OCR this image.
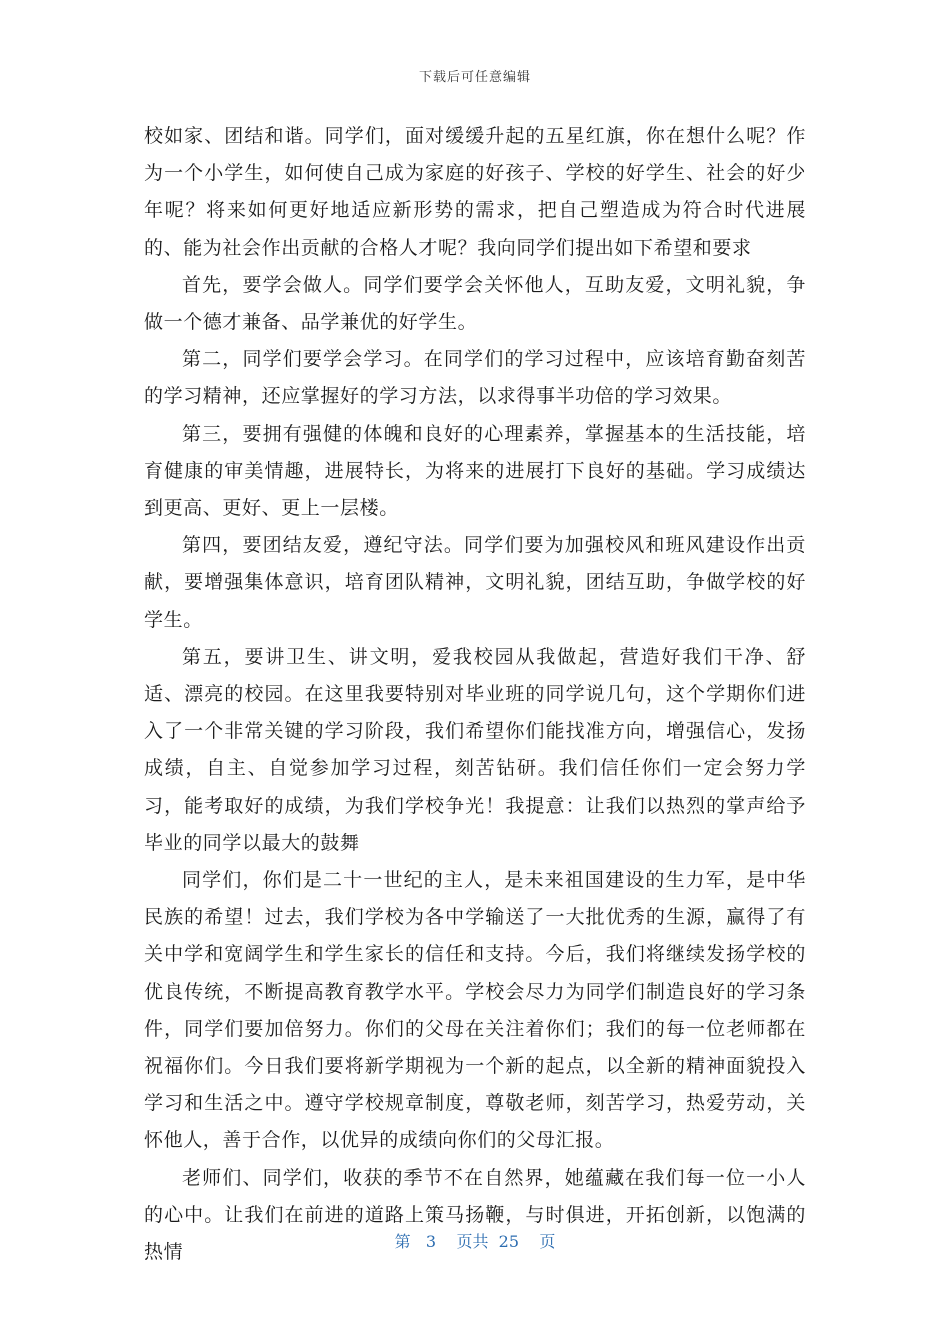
下载后可任意编辑

校如家、团结和谐。同学们，面对缓缓升起的五星红旗，你在想什么呢？作为一个小学生，如何使自己成为家庭的好孩子、学校的好学生、社会的好少年呢？将来如何更好地适应新形势的需求，把自己塑造成为符合时代进展的、能为社会作出贡献的合格人才呢？我向同学们提出如下希望和要求

首先，要学会做人。同学们要学会关怀他人，互助友爱，文明礼貌，争做一个德才兼备、品学兼优的好学生。

第二，同学们要学会学习。在同学们的学习过程中，应该培育勤奋刻苦的学习精神，还应掌握好的学习方法，以求得事半功倍的学习效果。

第三，要拥有强健的体魄和良好的心理素养，掌握基本的生活技能，培育健康的审美情趣，进展特长，为将来的进展打下良好的基础。学习成绩达到更高、更好、更上一层楼。

第四，要团结友爱，遵纪守法。同学们要为加强校风和班风建设作出贡献，要增强集体意识，培育团队精神，文明礼貌，团结互助，争做学校的好学生。

第五，要讲卫生、讲文明，爱我校园从我做起，营造好我们干净、舒适、漂亮的校园。在这里我要特别对毕业班的同学说几句，这个学期你们进入了一个非常关键的学习阶段，我们希望你们能找准方向，增强信心，发扬成绩，自主、自觉参加学习过程，刻苦钻研。我们信任你们一定会努力学习，能考取好的成绩，为我们学校争光！我提意：让我们以热烈的掌声给予毕业的同学以最大的鼓舞

同学们，你们是二十一世纪的主人，是未来祖国建设的生力军，是中华民族的希望！过去，我们学校为各中学输送了一大批优秀的生源，赢得了有关中学和宽阔学生和学生家长的信任和支持。今后，我们将继续发扬学校的优良传统，不断提高教育教学水平。学校会尽力为同学们制造良好的学习条件，同学们要加倍努力。你们的父母在关注着你们；我们的每一位老师都在祝福你们。今日我们要将新学期视为一个新的起点，以全新的精神面貌投入学习和生活之中。遵守学校规章制度，尊敬老师，刻苦学习，热爱劳动，关怀他人，善于合作，以优异的成绩向你们的父母汇报。

老师们、同学们，收获的季节不在自然界，她蕴藏在我们每一位一小人的心中。让我们在前进的道路上策马扬鞭，与时俱进，开拓创新，以饱满的热情	第 3 页共 25 页
